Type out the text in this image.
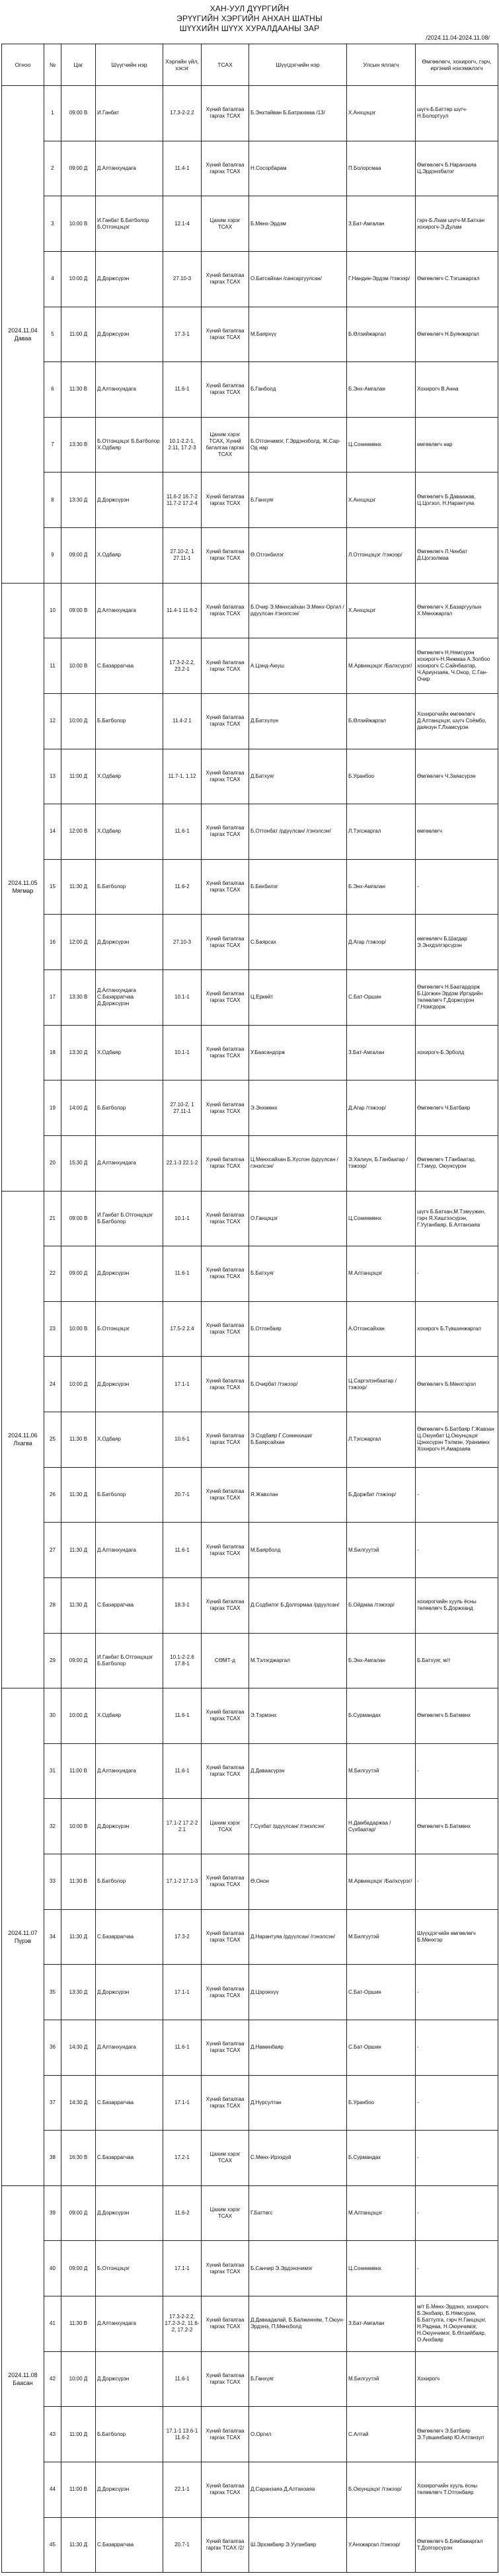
ХАН-УУЛ ДҮҮРГИЙН
ЭРҮҮГИЙН ХЭРГИЙН АНХАН ШАТНЫ
ШҮҮХИЙН ШҮҮХ ХУРАЛДААНЫ ЗАР
/2024.11.04-2024.11.08/
Огноо	№	Цаг	Шүүгчийн нэр	Хэргийн үйл, хэсэг	ТСАХ	Шүүгдэгчийн нэр	Улсын яллагч	Өмгөөлөгч, хохирогч, гэрч, иргэний нэхэмжлэгч
2024.11.04 Даваа	1	09:00 В	И.Ганбат	17.3-2-2.2	Хүний баталгаа гаргах ТСАХ	Б.Энхтайван Б.Батрахмаа /13/	Х.Анхцэцэг	шүгч-Б.Баттөр шүгч-Н.Болортуул
	2	09:00 Д	Д.Алтанхундага	11.4-1	Хүний баталгаа гаргах ТСАХ	Н.Сосорбарам	П.Болорсмаа	Өмгөөлөгч Б.Наранзаяа Ц.Эрдэнэбилэг
	3	10:00 В	И.Ганбат Б.Батболор Б.Отгонцэцэг	12.1-4	Цахим хэрэг ТСАХ	Б.Мөнх-Эрдэм	З.Бат-Амгалан	гэрч-Б.Лхам шүгч-М.Батхан хохирогч-Э.Дулам
	4	10:00 Д	Д.Доржсүрэн	27.10-3	Хүний баталгаа гаргах ТСАХ	О.Батсайхан /сансаргуулсан/	Г.Нандин-Эрдэм /тэжээр/	Өмгөөлөгч С.Тэгшжаргал
	5	11:00 Д	Д.Доржсүрэн	17.3-1	Хүний баталгаа гаргах ТСАХ	М.Баярхүү	Б.Өлзийжаргал	Өмгөөлөгч Н.Буянжаргал
	6	11:30 В	Д.Алтанхундага	11.6-1	Хүний баталгаа гаргах ТСАХ	Б.Ганболд	Б.Энх-Амгалан	Хохирогч В.Анна
	7	13:30 В	Б.Отгонцэцэг Б.Батболор Х.Одбаяр	10.1-2.2-1, 2.11, 17.2-3	Цахим хэрэг ТСАХ, Хүний баталгаа гаргах ТСАХ	Б.Отгончимэг, Г.Эрдэнэболд, Ж.Сар-Од нар	Ц.Сонинмөнх	өмгөөлөгч нар
	8	13:30 Д	Д.Доржсүрэн	11.6-2 16.7-2 11.7-2 17.2-4	Хүний баталгаа гаргах ТСАХ	Б.Ганхуяг	Х.Анхцэцэг	Өмгөөлөгч Б.Даваажав, Ц.Цогзол, Н.Нарантуяа
	9	09:00 Д	Х.Одбаяр	27.10-2, 1 27.11-1	Хүний баталгаа гаргах ТСАХ	Ө.Отгонбилэг	Л.Отгонцэцэг /тэжээр/	Өмгөөлөгч Л.Чинбат Д.Цогзолмаа
2024.11.05 Мягмар	10	09:00 В	Д.Алтанхундага	11.4-1 11.6-2	Хүний баталгаа гаргах ТСАХ	Б.Очир Э.Мөнхсайхан Э.Мөнх-Оргил /рдүүлсан /гэнэлсэн/	Х.Анхцэцэг	Өмгөөлөгч Х.Базаргуулын Х.Мөнхжаргал
	11	10:00 В	С.Базаррагчаа	17.3-2-2.2, 23.2-1	Хүний баталгаа гаргах ТСАХ	А.Цэнд-Аюуш	М.Арвинцэцэг /Балхсүрэг/	Өмгөөлөгч Н.Нямсүрэн хохирогч-Н.Янжмаа А.Золбоо хохирогч С.Сайнбаатар, Ч.Ариунзаяа, Ч.Онор, С.Ган-Очир
	12	10:00 Д	Б.Батболор	11.4-2 1	Хүний баталгаа гаргах ТСАХ	Д.Батхүлүн	Б.Өлзийжаргал	Хохирогчийн өмгөөлөгч Д.Алтанцэцэг, шүгч Соёмбо, даянзун Г.Лхамсүрэн
	13	11:00 Д	Х.Одбаяр	11.7-1, 1.12	Хүний баталгаа гаргах ТСАХ	Д.Батхуяг	Б.Уранбоо	Өмгөөлөгч Ч.Заяасүрэн
	14	12:00 В	Х.Одбаяр	11.6-1	Хүний баталгаа гаргах ТСАХ	Б.Отгонбат /рдүүлсан/ /гэнэлсэн/	Л.Тэгсжаргал	өмгөөлөгч
	15	11:30 Д	Б.Батболор	11.6-2	Хүний баталгаа гаргах ТСАХ	Б.Бөхбилэг	Б.Энх-Амгалан	-
	16	12:00 Д	Д.Доржсүрэн	27.10-3	Хүний баталгаа гаргах ТСАХ	С.Баярсах	Д.Агар /тэжээр/	өмгөөлөгч Б.Шагдар Э.Энхдэлгэрсүрэн
	17	13:30 В	Д.Алтанхундага С.Базаррагчаа Д.Доржсүрэн	10.1-1	Хүний баталгаа гаргах ТСАХ	Ц.Еркөйт	С.Бат-Оршин	Өмгөөлөгч Н.Баатардорж Б.Цогжин-Эрдэм Иргэдийн төлөөлөгч Г.Доржсүрэн Г.Номгдорж
	18	13:30 Д	Х.Одбаяр	10.1-1	Хүний баталгаа гаргах ТСАХ	У.Баасандорж	З.Бат-Амгалан	хохирогч-Б.Эрболд
	19	14:00 Д	Б.Батболор	27.10-2, 1 27.11-1	Хүний баталгаа гаргах ТСАХ	Э.Энхмөнх	Д.Агар /тэжээр/	Өмгөөлөгч Ч.Батбаяр
	20	15:30 Д	Д.Алтанхундага	22.1-3 22.1-2	Хүний баталгаа гаргах ТСАХ	Ц.Мөнхсайхан Б.Хүслэн /рдүүлсан /гэнэлсэн/	Э.Халиун, Б.Ганбаатар /тэжээр/	Өмгөөлөгч Т.Ганбаатар, Г.Тэмүр, Оюунсүрэн
2024.11.06 Лхагва	21	09:00 В	И.Ганбат Б.Отгонцэцэг Б.Батболор	10.1-1	Хүний баталгаа гаргах ТСАХ	О.Ганцэцэг	Ц.Сонинмөнх	шүгч Б.Батхан,М.Тэмүүжин, гэрч Я.Хишгээсүрэн, Г.Ууганбаяр, Б.Алтанзаяа
	22	09:00 Д	Д.Доржсүрэн	11.6-1	Хүний баталгаа гаргах ТСАХ	Б.Батхуяг	М.Алтанцэцэг	-
	23	10:00 В	Б.Отгонцэцэг	17.5-2 2.4	Хүний баталгаа гаргах ТСАХ	Б.Отгонбаяр	А.Отгонсайхан	хохирогч Б.Түвшинжаргал
	24	10:00 Д	Д.Доржсүрэн	17.1-1	Хүний баталгаа гаргах ТСАХ	Б.Очирбат /тэжээр/	Ц.Саргэлэнбаатар /тэжээр/	Өмгөөлөгч Б.Мөнхгэрэл
	25	11:30 В	Х.Одбаяр	10.6-1	Хүний баталгаа гаргах ТСАХ	Э.Содбаяр Г.Сонинхишиг Б.Баярсайхан	Л.Тэгсжаргал	Өмгөөлөгч Б.Батбаяр Г.Жавзан Ц.Оюунбат Ц.Оюунцэцэг Цэнхсүрэн Тэлмэн, Уранмөнх Хохирогч Н.Амарзаяа
	26	11:30 Д	Б.Батболор	20.7-1	Хүний баталгаа гаргах ТСАХ	Я.Жавхлан	Б.Доржбат /тэжээр/	-
	27	11:30 Д	Д.Алтанхундага	11.6-1	Хүний баталгаа гаргах ТСАХ	М.Баярболд	М.Билгуутэй	-
	28	11:30 Д	С.Базаррагчаа	18.3-1	Хүний баталгаа гаргах ТСАХ	Д.Содбилэг Б.Долгормаа /рдүүлсан/	Б.Ойдмаа /тэжээр/	хохирогчийн хууль ёсны төлөөлөгч Б.Доржханд
	29	09:00 Д	И.Ганбат Б.Отгонцэцэг Б.Батболор	10.1-2-2.6 17.8-1	СӨМТ-д	М.Тэлэгджаргал	Б.Энх-Амгалан	Б.Батхуяг, м/т
2024.11.07 Пүрэв	30	10:00 Д	Х.Одбаяр	11.6-1	Хүний баталгаа гаргах ТСАХ	Э.Тэрмэнх	Б.Сурмандах	Өмгөөлөгч Б.Батмөнх
	31	11:00 В	Д.Алтанхундага	11.6-1	Хүний баталгаа гаргах ТСАХ	Д.Даваасүрэн	М.Билгуутэй	-
	32	10:00 В	Д.Доржсүрэн	17.1-2 17.2-2 2.1	Цахим хэрэг ТСАХ	Г.Сүхбат /рдүүлсан/ /гэнэлсэн/	Н.Дамбадаржаа /Сүхбаатар/	Өмгөөлөгч Б.Батмөнх
	33	11:30 В	Б.Батболор	17.1-2 17.1-3	Хүний баталгаа гаргах ТСАХ	Ө.Онон	М.Арвинцэцэг /Балхсүрэг/	-
	34	11:30 Д	С.Базаррагчаа	17.3-2	Хүний баталгаа гаргах ТСАХ	Д.Нарантуяа /рдүүлсан/ /гэнэлсэн/	М.Билгуутэй	Шүүхдэгчийн өмгөөлөгч Б.Мөнхгэр
	35	13:30 Д	Д.Доржсүрэн	17.1-1	Хүний баталгаа гаргах ТСАХ	Д.Цэрэнхүү	С.Бат-Оршин	-
	36	14:30 Д	Д.Алтанхундага	11.6-1	Хүний баталгаа гаргах ТСАХ	Д.Наминбаяр	С.Бат-Оршин	-
	37	14:30 Д	С.Базаррагчаа	17.1-1	Хүний баталгаа гаргах ТСАХ	Д.Нурсултан	Б.Уранбоо	-
	38	16:30 В	С.Базаррагчаа	17.2-1	Цахим хэрэг ТСАХ	С.Мөнх-Ирээдүй	Б.Сурмандах	-
2024.11.08 Баасан	39	09:00 Д	Д.Доржсүрэн	11.6-2	Цахим хэрэг ТСАХ	Г.Баттөгс	М.Алтанцэцэг	-
	40	09:00 Д	Б.Отгонцэцэг	17.1-1	Хүний баталгаа гаргах ТСАХ	Б.Санчир Э.Эрдэнэчимэг	Ц.Сонинмөнх	-
	41	11:30 В	Д.Алтанхундага	17.3-2-2.2, 17.2-3-2, 11.6-2, 17.2-2	Хүний баталгаа гаргах ТСАХ	Д.Даваадалай, Б.Балжинням, Т.Оюун-Эрдэнэ, П.Мөнхболд	З.Бат-Амгалан	м/т Б.Мөнх-Эрдэнэ, хохирогч Б.Энхбаяр, Б.Нямсүрэн, Б.Баттулга, гэрч Н.Ганцэцэг, Н.Раднаа, Н.Оюунчимэг, Н.Оюунчимэг, Б.Өлзийбаяр, О.Анхбаяр
	42	10:00 Д	Д.Доржсүрэн	11.6-1	Хүний баталгаа гаргах ТСАХ	Б.Ганхүяг	М.Билгуутэй	Хохирогч
	43	11:00 Д	Б.Батболор	17.1-1 13.6-1 11.6-2	Хүний баталгаа гаргах ТСАХ	О.Оргил	С.Алтай	Өмгөөлөгч Э.Батбаяр Э.Түвшинбаяр Ю.Алтанзул
	44	11:00 В	Д.Доржсүрэн	22.1-1	Хүний баталгаа гаргах ТСАХ	Д.Саранзаяа Д.Алтанзаяа	Б.Оюунцэцэг /тэжээр/	Хохирогчийн хууль ёсны төлөөлөгч Т.Отгонбаяр
	45	11:30 Д	С.Базаррагчаа	20.7-1	Хүний баталгаа гаргах ТСАХ /2/	Ш.Эрхэмбаяр Э.Ууганбаяр	У.Анхжаргал /тэжээр/	Өмгөөлөгч Б.Бямбажаргал Т.Долгорсүрэн
